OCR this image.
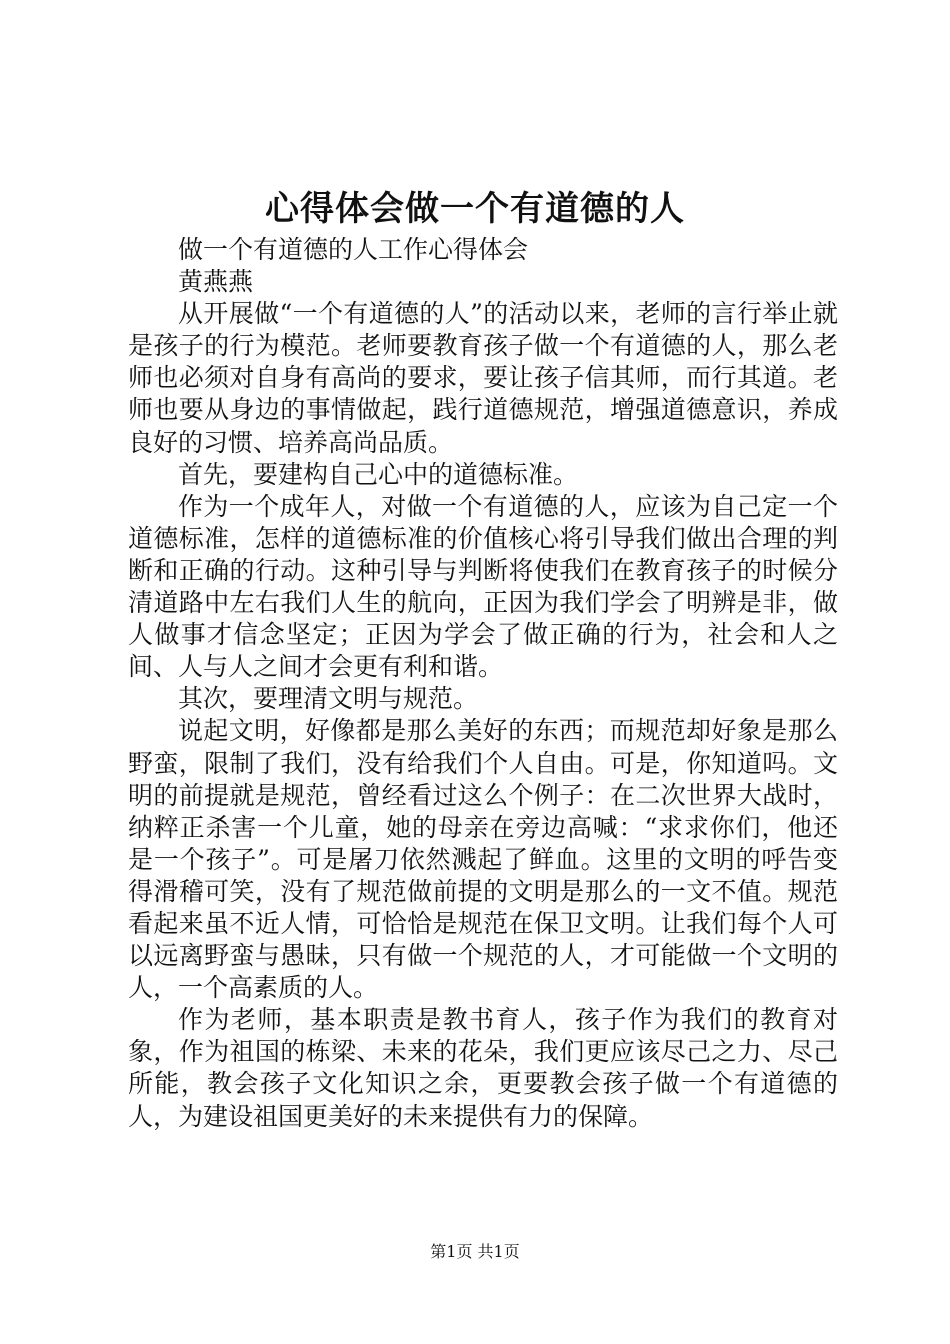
心得体会做一个有道德的人

做一个有道德的人工作心得体会

黄燕燕

从开展做“一个有道德的人”的活动以来，老师的言行举止就是孩子的行为模范。老师要教育孩子做一个有道德的人，那么老师也必须对自身有高尚的要求，要让孩子信其师，而行其道。老师也要从身边的事情做起，践行道德规范，增强道德意识，养成良好的习惯、培养高尚品质。

首先，要建构自己心中的道德标准。

作为一个成年人，对做一个有道德的人，应该为自己定一个道德标准，怎样的道德标准的价值核心将引导我们做出合理的判断和正确的行动。这种引导与判断将使我们在教育孩子的时候分清道路中左右我们人生的航向，正因为我们学会了明辨是非，做人做事才信念坚定；正因为学会了做正确的行为，社会和人之间、人与人之间才会更有利和谐。

其次，要理清文明与规范。

说起文明，好像都是那么美好的东西；而规范却好象是那么野蛮，限制了我们，没有给我们个人自由。可是，你知道吗。文明的前提就是规范，曾经看过这么个例子：在二次世界大战时，纳粹正杀害一个儿童，她的母亲在旁边高喊：“求求你们，他还是一个孩子”。可是屠刀依然溅起了鲜血。这里的文明的呼告变得滑稽可笑，没有了规范做前提的文明是那么的一文不值。规范看起来虽不近人情，可恰恰是规范在保卫文明。让我们每个人可以远离野蛮与愚昧，只有做一个规范的人，才可能做一个文明的人，一个高素质的人。

作为老师，基本职责是教书育人，孩子作为我们的教育对象，作为祖国的栋梁、未来的花朵，我们更应该尽己之力、尽己所能，教会孩子文化知识之余，更要教会孩子做一个有道德的人，为建设祖国更美好的未来提供有力的保障。

第1页 共1页
